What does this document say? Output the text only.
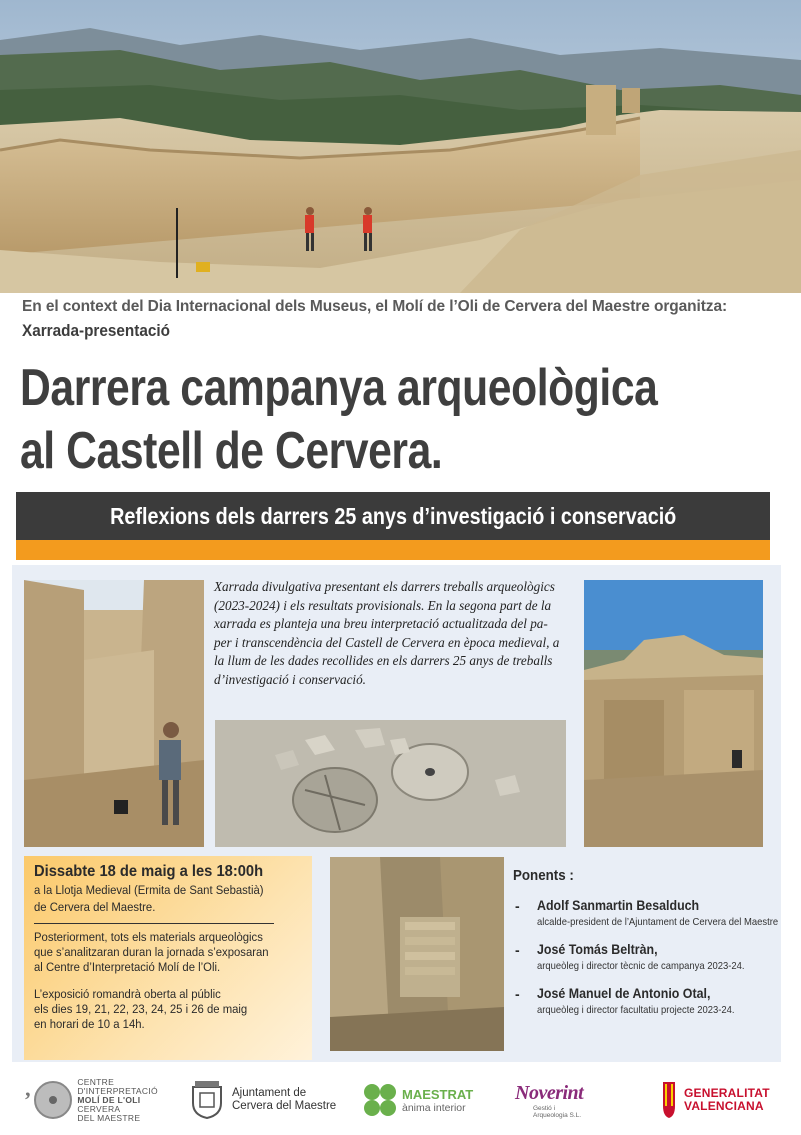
En el context del Dia Internacional dels Museus, el Molí de l’Oli de Cervera del Maestre organitza:
Xarrada-presentació
Darrera campanya arqueològica
al Castell de Cervera.
Reflexions dels darrers 25 anys d’investigació i conservació
Xarrada divulgativa presentant els darrers treballs arqueològics
(2023-2024) i els resultats provisionals. En la segona part de la
xarrada es planteja una breu interpretació actualitzada del pa-
per i transcendència del Castell de Cervera en època medieval, a
la llum de les dades recollides en els darrers 25 anys de treballs
d’investigació i conservació.
Dissabte 18 de maig a les 18:00h
a la Llotja Medieval (Ermita de Sant Sebastià)
de Cervera del Maestre.
Posteriorment, tots els materials arqueològics
que s’analitzaran duran la jornada s’exposaran
al Centre d’Interpretació Molí de l’Oli.
L’exposició romandrà oberta al públic
els dies 19, 21, 22, 23, 24, 25 i 26 de maig
en horari de 10 a 14h.
Ponents :
- Adolf Sanmartin Besalduch
alcalde-president de l’Ajuntament de Cervera del Maestre
- José Tomás Beltràn,
arqueòleg i director tècnic de campanya 2023-24.
- José Manuel de Antonio Otal,
arqueòleg i director facultatiu projecte 2023-24.
’
CENTRE
D'INTERPRETACIÓ
MOLÍ DE L'OLI
CERVERA
DEL MAESTRE
Ajuntament de
Cervera del Maestre
MAESTRAT
ànima interior
Noverint
Gestió i
Arqueologia S.L.
GENERALITAT
VALENCIANA
